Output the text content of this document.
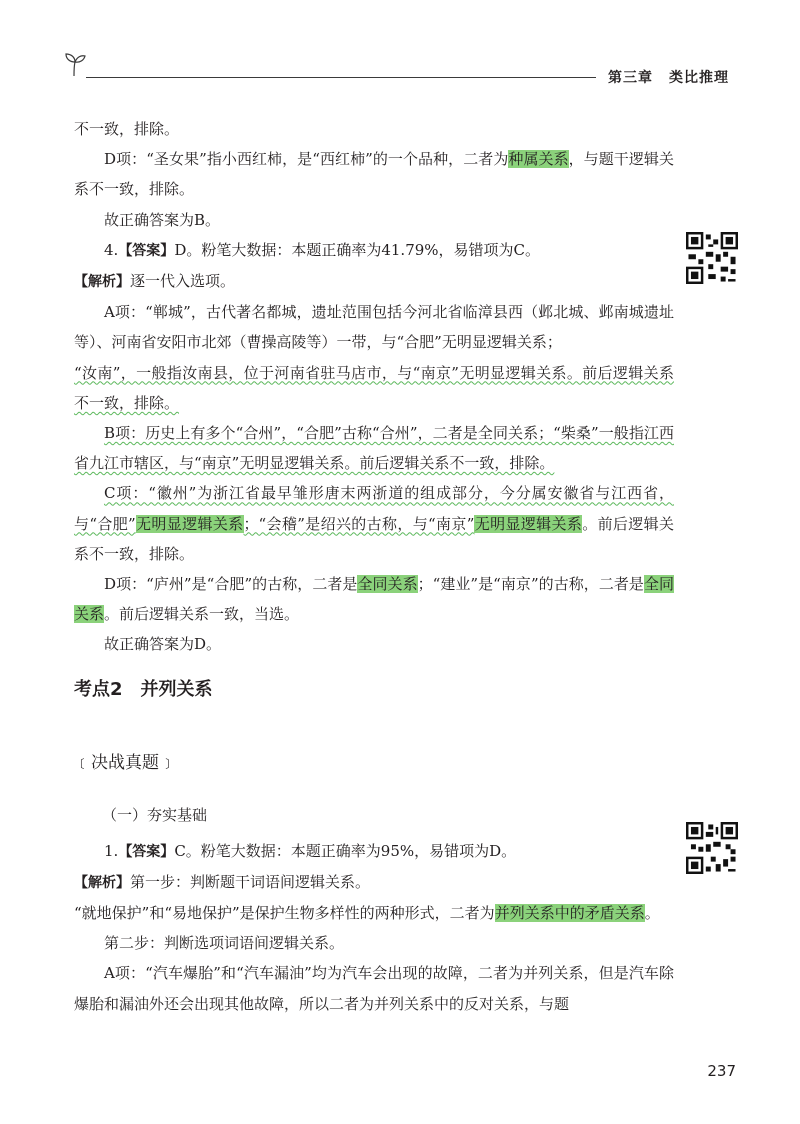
第三章 类比推理

不一致，排除。

D项：“圣女果”指小西红柿，是“西红柿”的一个品种，二者为种属关系，与题干逻辑关系不一致，排除。

故正确答案为B。

4.【答案】D。粉笔大数据：本题正确率为41.79%，易错项为C。

【解析】逐一代入选项。

A项：“郸城”，古代著名都城，遗址范围包括今河北省临漳县西（邺北城、邺南城遗址等）、河南省安阳市北郊（曹操高陵等）一带，与“合肥”无明显逻辑关系；

“汝南”，一般指汝南县，位于河南省驻马店市，与“南京”无明显逻辑关系。前后逻辑关系不一致，排除。

B项：历史上有多个“合州”，“合肥”古称“合州”，二者是全同关系；“柴桑”一般指江西省九江市辖区，与“南京”无明显逻辑关系。前后逻辑关系不一致，排除。

C项：“徽州”为浙江省最早雏形唐末两浙道的组成部分，今分属安徽省与江西省，与“合肥”无明显逻辑关系；“会稽”是绍兴的古称，与“南京”无明显逻辑关系。前后逻辑关系不一致，排除。

D项：“庐州”是“合肥”的古称，二者是全同关系；“建业”是“南京”的古称，二者是全同关系。前后逻辑关系一致，当选。

故正确答案为D。

考点2　并列关系

﹝决战真题﹞

（一）夯实基础

1.【答案】C。粉笔大数据：本题正确率为95%，易错项为D。

【解析】第一步：判断题干词语间逻辑关系。

“就地保护”和“易地保护”是保护生物多样性的两种形式，二者为并列关系中的矛盾关系。

第二步：判断选项词语间逻辑关系。

A项：“汽车爆胎”和“汽车漏油”均为汽车会出现的故障，二者为并列关系，但是汽车除爆胎和漏油外还会出现其他故障，所以二者为并列关系中的反对关系，与题

237
